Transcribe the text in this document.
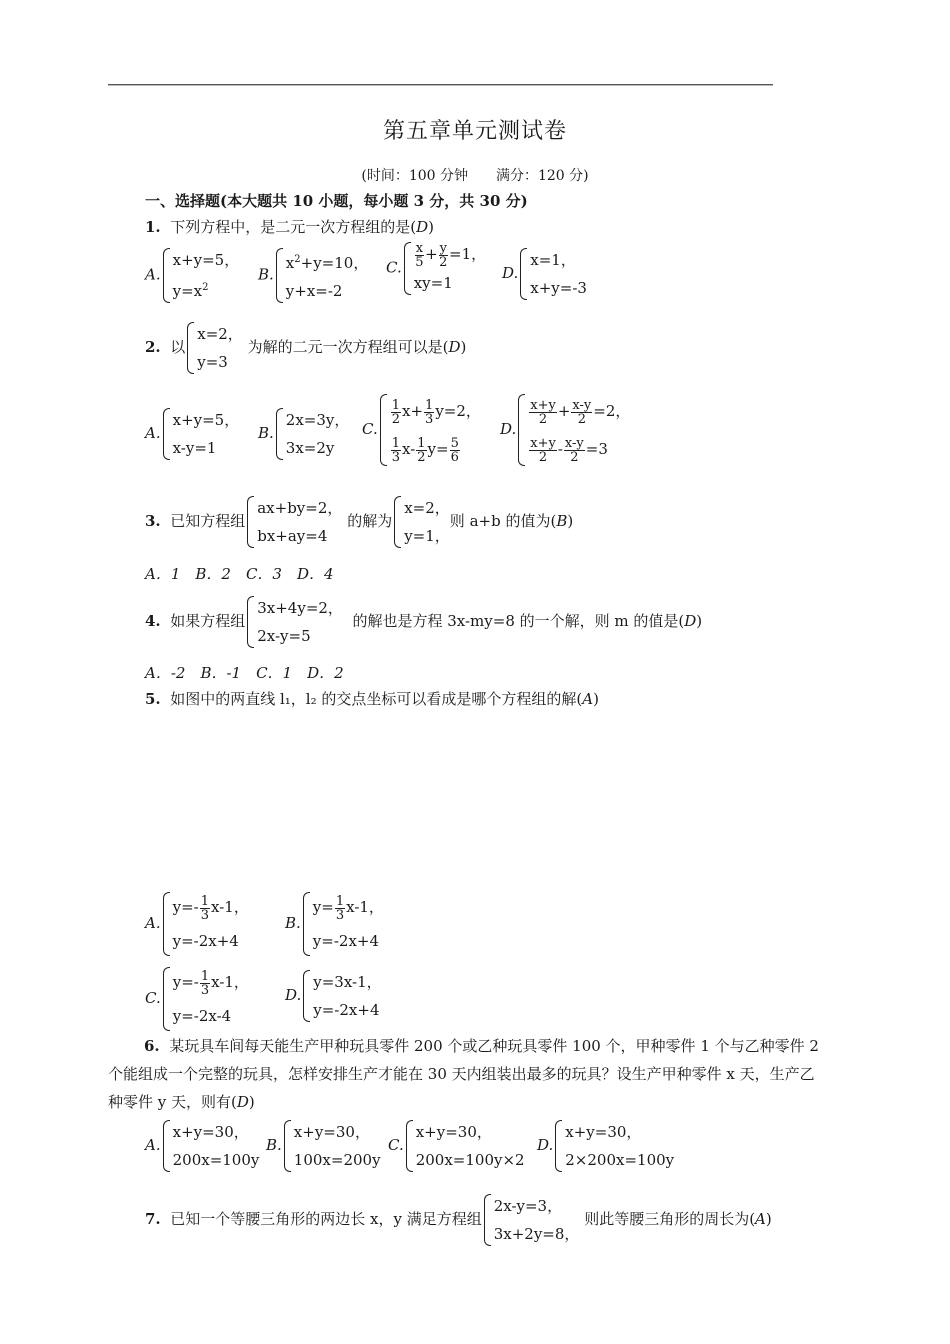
第五章单元测试卷
(时间：100 分钟　　满分：120 分)
一、选择题(本大题共 10 小题，每小题 3 分，共 30 分)
1. 下列方程中，是二元一次方程组的是(D)
A.
x+y=5，
$y=x^2$
B.
$x^2+y=10$，
y+x=-2
C. $\frac{x}{5} + \frac{y}{2} =1$，
xy=1
D.
x=1，
x+y=-3
2. 以
x=2，
y=3
为解的二元一次方程组可以是(D)
A.
x+y=5，
x-y=1
B.
2x=3y，
3x=2y
C.
$\frac{1}{2} x+ \frac{1}{3} y=2$，
$\frac{1}{3} x- \frac{1}{2} y= \frac{5}{6}$
D.
$\frac{x+y}{2} + \frac{x-y}{2} =2$，
$\frac{x+y}{2} - \frac{x-y}{2} =3$
3. 已知方程组
ax+by=2，
bx+ay=4
的解为
x=2，
y=1，
则 a+b 的值为(B)
A．1　B．2　C．3　D．4
4. 如果方程组
3x+4y=2，
2x-y=5
的解也是方程 3x-my=8 的一个解，则 m 的值是(D)
A．-2　B．-1　C．1　D．2
5. 如图中的两直线 l₁，l₂ 的交点坐标可以看成是哪个方程组的解(A)
A.
$y=- \frac{1}{3} x-1$，
y=-2x+4
B.
$y= \frac{1}{3} x-1$，
y=-2x+4
C.
$y=- \frac{1}{3} x-1$，
y=-2x-4
D.
y=3x-1，
y=-2x+4
6. 某玩具车间每天能生产甲种玩具零件 200 个或乙种玩具零件 100 个，甲种零件 1 个与乙种零件 2 个能组成一个完整的玩具，怎样安排生产才能在 30 天内组装出最多的玩具？设生产甲种零件 x 天，生产乙种零件 y 天，则有(D)
A.
x+y=30，
200x=100y
B.
x+y=30，
100x=200y
C.
x+y=30，
200x=100y×2
D.
x+y=30，
2×200x=100y
7. 已知一个等腰三角形的两边长 x，y 满足方程组
2x-y=3，
3x+2y=8，
则此等腰三角形的周长为(A)
